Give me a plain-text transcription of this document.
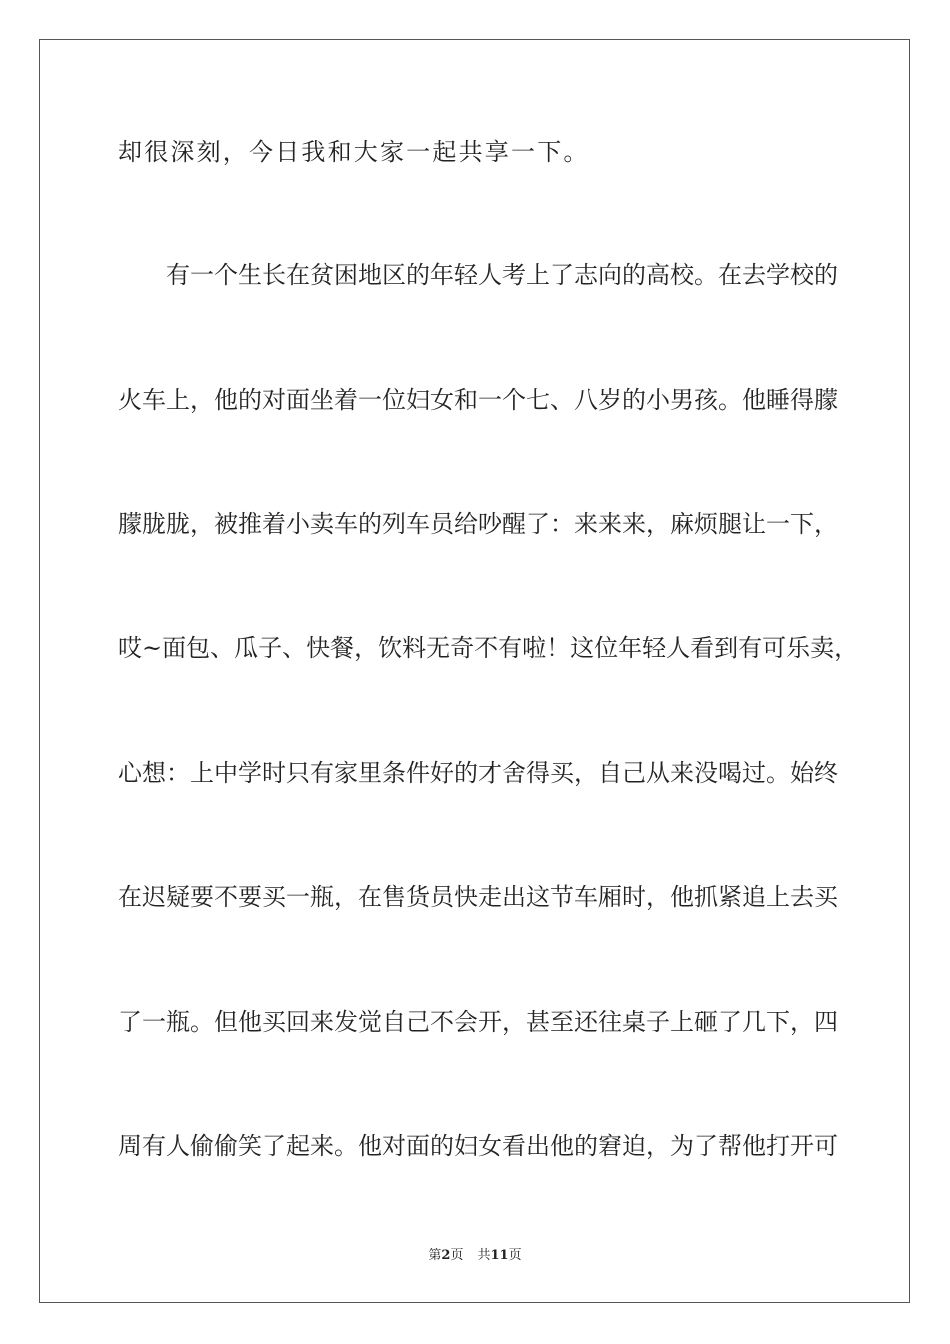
却很深刻，今日我和大家一起共享一下。
有一个生长在贫困地区的年轻人考上了志向的高校。在去学校的
火车上，他的对面坐着一位妇女和一个七、八岁的小男孩。他睡得朦
朦胧胧，被推着小卖车的列车员给吵醒了：来来来，麻烦腿让一下，
哎~面包、瓜子、快餐，饮料无奇不有啦！这位年轻人看到有可乐卖，
心想：上中学时只有家里条件好的才舍得买，自己从来没喝过。始终
在迟疑要不要买一瓶，在售货员快走出这节车厢时，他抓紧追上去买
了一瓶。但他买回来发觉自己不会开，甚至还往桌子上砸了几下，四
周有人偷偷笑了起来。他对面的妇女看出他的窘迫，为了帮他打开可
第2页 共11页
